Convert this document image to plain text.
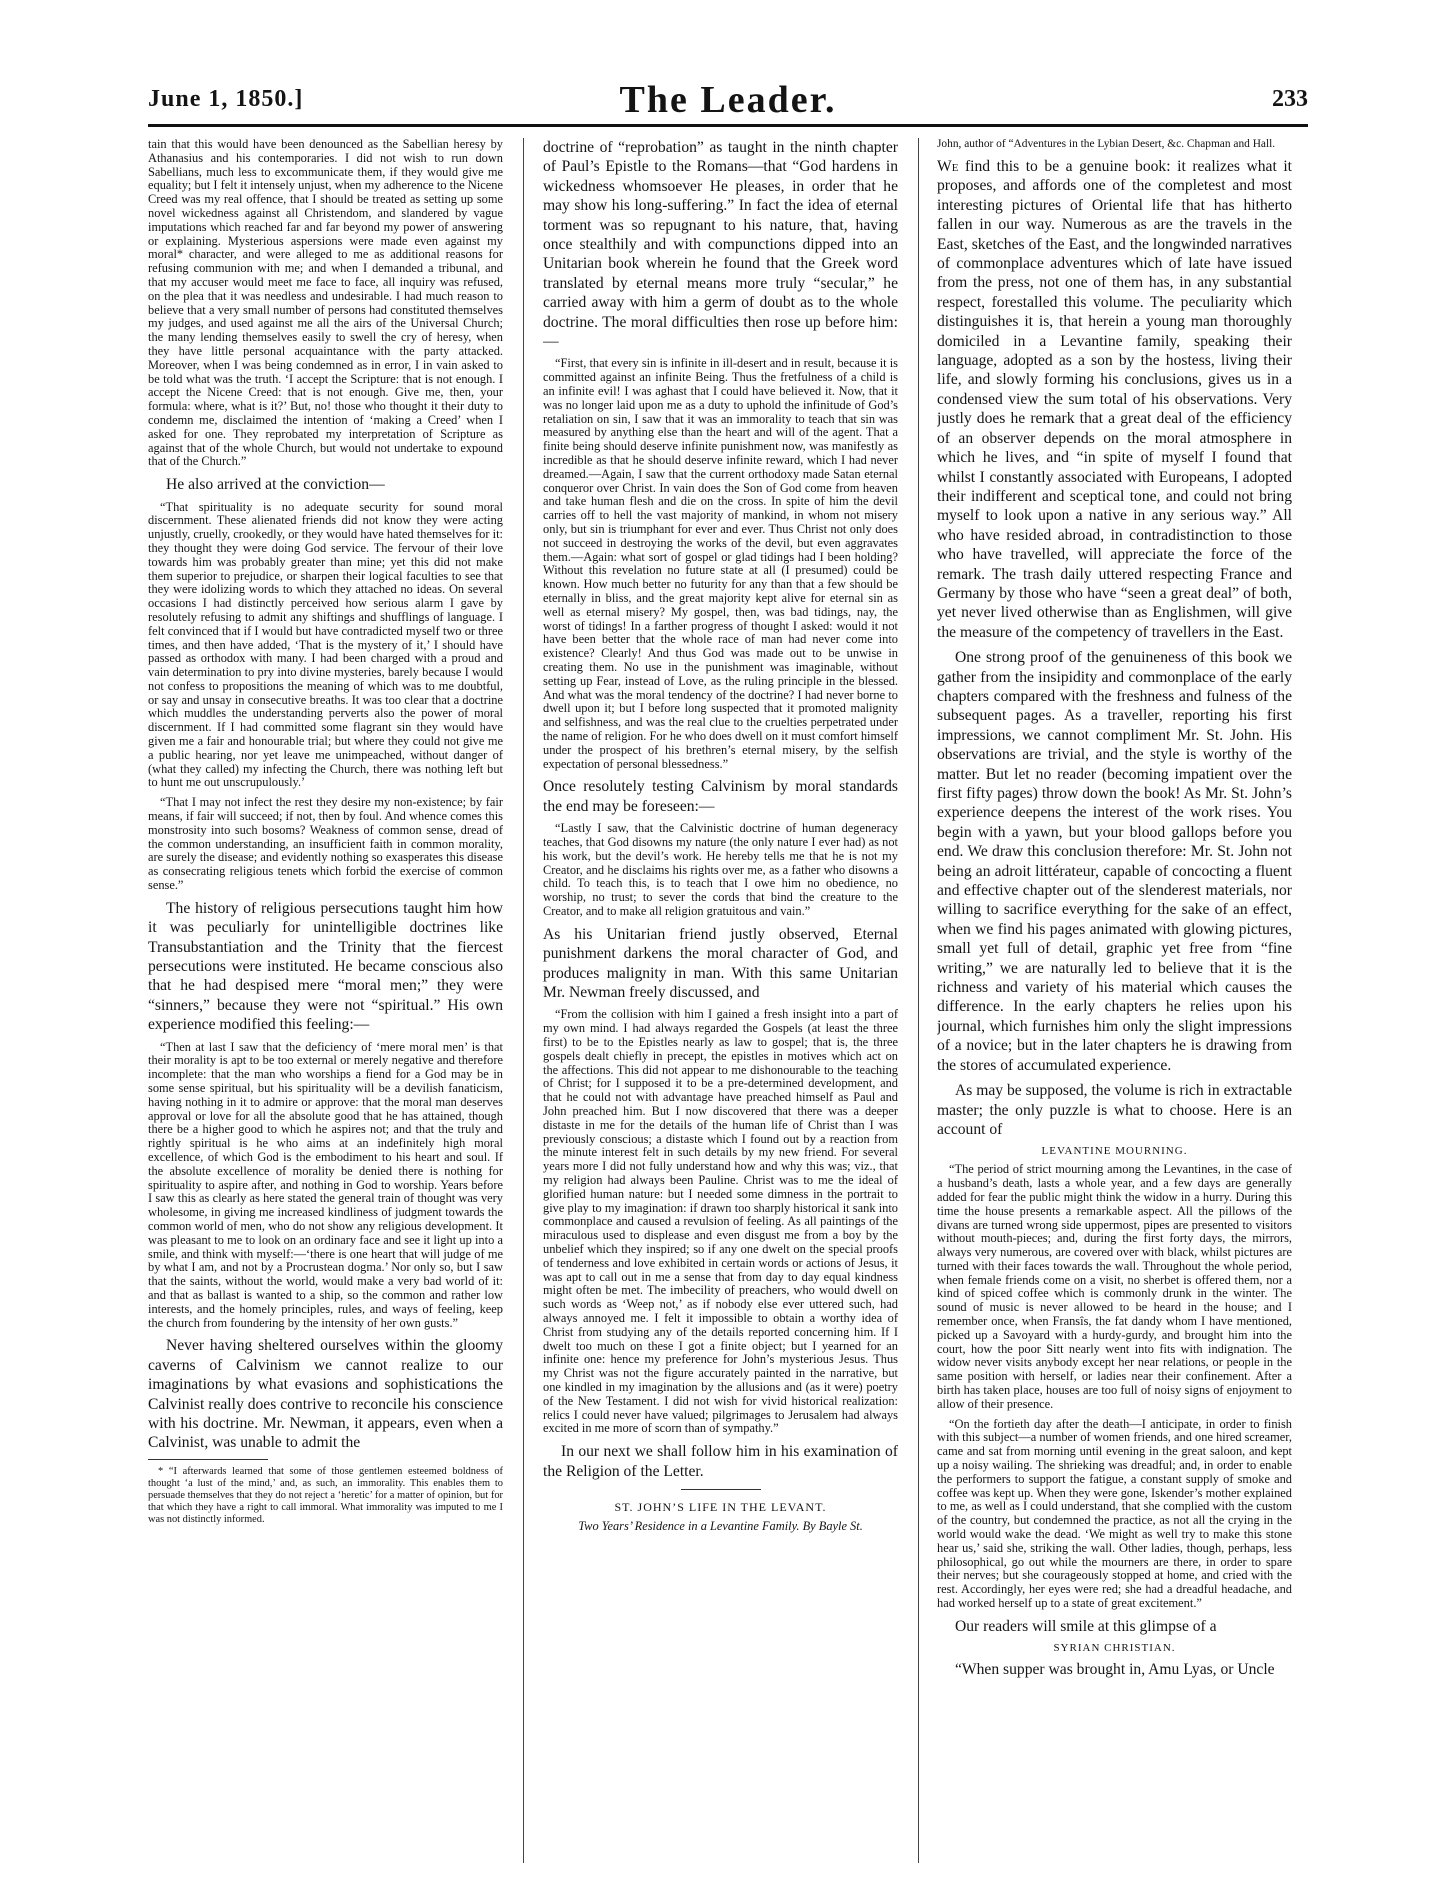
June 1, 1850.]	The Leader.	233

tain that this would have been denounced as the Sabellian heresy by Athanasius and his contemporaries. I did not wish to run down Sabellians, much less to excommunicate them, if they would give me equality; but I felt it intensely unjust, when my adherence to the Nicene Creed was my real offence, that I should be treated as setting up some novel wickedness against all Christendom, and slandered by vague imputations which reached far and far beyond my power of answering or explaining. Mysterious aspersions were made even against my moral* character, and were alleged to me as additional reasons for refusing communion with me; and when I demanded a tribunal, and that my accuser would meet me face to face, all inquiry was refused, on the plea that it was needless and undesirable. I had much reason to believe that a very small number of persons had constituted themselves my judges, and used against me all the airs of the Universal Church; the many lending themselves easily to swell the cry of heresy, when they have little personal acquaintance with the party attacked. Moreover, when I was being condemned as in error, I in vain asked to be told what was the truth. ‘I accept the Scripture: that is not enough. I accept the Nicene Creed: that is not enough. Give me, then, your formula: where, what is it?’ But, no! those who thought it their duty to condemn me, disclaimed the intention of ‘making a Creed’ when I asked for one. They reprobated my interpretation of Scripture as against that of the whole Church, but would not undertake to expound that of the Church.”

He also arrived at the conviction—

“That spirituality is no adequate security for sound moral discernment. These alienated friends did not know they were acting unjustly, cruelly, crookedly, or they would have hated themselves for it: they thought they were doing God service. The fervour of their love towards him was probably greater than mine; yet this did not make them superior to prejudice, or sharpen their logical faculties to see that they were idolizing words to which they attached no ideas. On several occasions I had distinctly perceived how serious alarm I gave by resolutely refusing to admit any shiftings and shufflings of language. I felt convinced that if I would but have contradicted myself two or three times, and then have added, ‘That is the mystery of it,’ I should have passed as orthodox with many. I had been charged with a proud and vain determination to pry into divine mysteries, barely because I would not confess to propositions the meaning of which was to me doubtful, or say and unsay in consecutive breaths. It was too clear that a doctrine which muddles the understanding perverts also the power of moral discernment. If I had committed some flagrant sin they would have given me a fair and honourable trial; but where they could not give me a public hearing, nor yet leave me unimpeached, without danger of (what they called) my infecting the Church, there was nothing left but to hunt me out unscrupulously.’

“That I may not infect the rest they desire my non-existence; by fair means, if fair will succeed; if not, then by foul. And whence comes this monstrosity into such bosoms? Weakness of common sense, dread of the common understanding, an insufficient faith in common morality, are surely the disease; and evidently nothing so exasperates this disease as consecrating religious tenets which forbid the exercise of common sense.”

The history of religious persecutions taught him how it was peculiarly for unintelligible doctrines like Transubstantiation and the Trinity that the fiercest persecutions were instituted. He became conscious also that he had despised mere “moral men;” they were “sinners,” because they were not “spiritual.” His own experience modified this feeling:—

“Then at last I saw that the deficiency of ‘mere moral men’ is that their morality is apt to be too external or merely negative and therefore incomplete: that the man who worships a fiend for a God may be in some sense spiritual, but his spirituality will be a devilish fanaticism, having nothing in it to admire or approve: that the moral man deserves approval or love for all the absolute good that he has attained, though there be a higher good to which he aspires not; and that the truly and rightly spiritual is he who aims at an indefinitely high moral excellence, of which God is the embodiment to his heart and soul. If the absolute excellence of morality be denied there is nothing for spirituality to aspire after, and nothing in God to worship. Years before I saw this as clearly as here stated the general train of thought was very wholesome, in giving me increased kindliness of judgment towards the common world of men, who do not show any religious development. It was pleasant to me to look on an ordinary face and see it light up into a smile, and think with myself:—‘there is one heart that will judge of me by what I am, and not by a Procrustean dogma.’ Nor only so, but I saw that the saints, without the world, would make a very bad world of it: and that as ballast is wanted to a ship, so the common and rather low interests, and the homely principles, rules, and ways of feeling, keep the church from foundering by the intensity of her own gusts.”

Never having sheltered ourselves within the gloomy caverns of Calvinism we cannot realize to our imaginations by what evasions and sophistications the Calvinist really does contrive to reconcile his conscience with his doctrine. Mr. Newman, it appears, even when a Calvinist, was unable to admit the

* “I afterwards learned that some of those gentlemen esteemed boldness of thought ‘a lust of the mind,’ and, as such, an immorality. This enables them to persuade themselves that they do not reject a ‘heretic’ for a matter of opinion, but for that which they have a right to call immoral. What immorality was imputed to me I was not distinctly informed.

doctrine of “reprobation” as taught in the ninth chapter of Paul’s Epistle to the Romans—that “God hardens in wickedness whomsoever He pleases, in order that he may show his long-suffering.” In fact the idea of eternal torment was so repugnant to his nature, that, having once stealthily and with compunctions dipped into an Unitarian book wherein he found that the Greek word translated by eternal means more truly “secular,” he carried away with him a germ of doubt as to the whole doctrine. The moral difficulties then rose up before him:—

“First, that every sin is infinite in ill-desert and in result, because it is committed against an infinite Being. Thus the fretfulness of a child is an infinite evil! I was aghast that I could have believed it. Now, that it was no longer laid upon me as a duty to uphold the infinitude of God’s retaliation on sin, I saw that it was an immorality to teach that sin was measured by anything else than the heart and will of the agent. That a finite being should deserve infinite punishment now, was manifestly as incredible as that he should deserve infinite reward, which I had never dreamed.—Again, I saw that the current orthodoxy made Satan eternal conqueror over Christ. In vain does the Son of God come from heaven and take human flesh and die on the cross. In spite of him the devil carries off to hell the vast majority of mankind, in whom not misery only, but sin is triumphant for ever and ever. Thus Christ not only does not succeed in destroying the works of the devil, but even aggravates them.—Again: what sort of gospel or glad tidings had I been holding? Without this revelation no future state at all (I presumed) could be known. How much better no futurity for any than that a few should be eternally in bliss, and the great majority kept alive for eternal sin as well as eternal misery? My gospel, then, was bad tidings, nay, the worst of tidings! In a farther progress of thought I asked: would it not have been better that the whole race of man had never come into existence? Clearly! And thus God was made out to be unwise in creating them. No use in the punishment was imaginable, without setting up Fear, instead of Love, as the ruling principle in the blessed. And what was the moral tendency of the doctrine? I had never borne to dwell upon it; but I before long suspected that it promoted malignity and selfishness, and was the real clue to the cruelties perpetrated under the name of religion. For he who does dwell on it must comfort himself under the prospect of his brethren’s eternal misery, by the selfish expectation of personal blessedness.”

Once resolutely testing Calvinism by moral standards the end may be foreseen:—

“Lastly I saw, that the Calvinistic doctrine of human degeneracy teaches, that God disowns my nature (the only nature I ever had) as not his work, but the devil’s work. He hereby tells me that he is not my Creator, and he disclaims his rights over me, as a father who disowns a child. To teach this, is to teach that I owe him no obedience, no worship, no trust; to sever the cords that bind the creature to the Creator, and to make all religion gratuitous and vain.”

As his Unitarian friend justly observed, Eternal punishment darkens the moral character of God, and produces malignity in man. With this same Unitarian Mr. Newman freely discussed, and

“From the collision with him I gained a fresh insight into a part of my own mind. I had always regarded the Gospels (at least the three first) to be to the Epistles nearly as law to gospel; that is, the three gospels dealt chiefly in precept, the epistles in motives which act on the affections. This did not appear to me dishonourable to the teaching of Christ; for I supposed it to be a pre-determined development, and that he could not with advantage have preached himself as Paul and John preached him. But I now discovered that there was a deeper distaste in me for the details of the human life of Christ than I was previously conscious; a distaste which I found out by a reaction from the minute interest felt in such details by my new friend. For several years more I did not fully understand how and why this was; viz., that my religion had always been Pauline. Christ was to me the ideal of glorified human nature: but I needed some dimness in the portrait to give play to my imagination: if drawn too sharply historical it sank into commonplace and caused a revulsion of feeling. As all paintings of the miraculous used to displease and even disgust me from a boy by the unbelief which they inspired; so if any one dwelt on the special proofs of tenderness and love exhibited in certain words or actions of Jesus, it was apt to call out in me a sense that from day to day equal kindness might often be met. The imbecility of preachers, who would dwell on such words as ‘Weep not,’ as if nobody else ever uttered such, had always annoyed me. I felt it impossible to obtain a worthy idea of Christ from studying any of the details reported concerning him. If I dwelt too much on these I got a finite object; but I yearned for an infinite one: hence my preference for John’s mysterious Jesus. Thus my Christ was not the figure accurately painted in the narrative, but one kindled in my imagination by the allusions and (as it were) poetry of the New Testament. I did not wish for vivid historical realization: relics I could never have valued; pilgrimages to Jerusalem had always excited in me more of scorn than of sympathy.”

In our next we shall follow him in his examination of the Religion of the Letter.

ST. JOHN’S LIFE IN THE LEVANT.
Two Years’ Residence in a Levantine Family. By Bayle St.

John, author of “Adventures in the Lybian Desert, &c. Chapman and Hall.

We find this to be a genuine book: it realizes what it proposes, and affords one of the completest and most interesting pictures of Oriental life that has hitherto fallen in our way. Numerous as are the travels in the East, sketches of the East, and the longwinded narratives of commonplace adventures which of late have issued from the press, not one of them has, in any substantial respect, forestalled this volume. The peculiarity which distinguishes it is, that herein a young man thoroughly domiciled in a Levantine family, speaking their language, adopted as a son by the hostess, living their life, and slowly forming his conclusions, gives us in a condensed view the sum total of his observations. Very justly does he remark that a great deal of the efficiency of an observer depends on the moral atmosphere in which he lives, and “in spite of myself I found that whilst I constantly associated with Europeans, I adopted their indifferent and sceptical tone, and could not bring myself to look upon a native in any serious way.” All who have resided abroad, in contradistinction to those who have travelled, will appreciate the force of the remark. The trash daily uttered respecting France and Germany by those who have “seen a great deal” of both, yet never lived otherwise than as Englishmen, will give the measure of the competency of travellers in the East.

One strong proof of the genuineness of this book we gather from the insipidity and commonplace of the early chapters compared with the freshness and fulness of the subsequent pages. As a traveller, reporting his first impressions, we cannot compliment Mr. St. John. His observations are trivial, and the style is worthy of the matter. But let no reader (becoming impatient over the first fifty pages) throw down the book! As Mr. St. John’s experience deepens the interest of the work rises. You begin with a yawn, but your blood gallops before you end. We draw this conclusion therefore: Mr. St. John not being an adroit littérateur, capable of concocting a fluent and effective chapter out of the slenderest materials, nor willing to sacrifice everything for the sake of an effect, when we find his pages animated with glowing pictures, small yet full of detail, graphic yet free from “fine writing,” we are naturally led to believe that it is the richness and variety of his material which causes the difference. In the early chapters he relies upon his journal, which furnishes him only the slight impressions of a novice; but in the later chapters he is drawing from the stores of accumulated experience.

As may be supposed, the volume is rich in extractable master; the only puzzle is what to choose. Here is an account of

LEVANTINE MOURNING.

“The period of strict mourning among the Levantines, in the case of a husband’s death, lasts a whole year, and a few days are generally added for fear the public might think the widow in a hurry. During this time the house presents a remarkable aspect. All the pillows of the divans are turned wrong side uppermost, pipes are presented to visitors without mouth-pieces; and, during the first forty days, the mirrors, always very numerous, are covered over with black, whilst pictures are turned with their faces towards the wall. Throughout the whole period, when female friends come on a visit, no sherbet is offered them, nor a kind of spiced coffee which is commonly drunk in the winter. The sound of music is never allowed to be heard in the house; and I remember once, when Fransîs, the fat dandy whom I have mentioned, picked up a Savoyard with a hurdy-gurdy, and brought him into the court, how the poor Sitt nearly went into fits with indignation. The widow never visits anybody except her near relations, or people in the same position with herself, or ladies near their confinement. After a birth has taken place, houses are too full of noisy signs of enjoyment to allow of their presence.

“On the fortieth day after the death—I anticipate, in order to finish with this subject—a number of women friends, and one hired screamer, came and sat from morning until evening in the great saloon, and kept up a noisy wailing. The shrieking was dreadful; and, in order to enable the performers to support the fatigue, a constant supply of smoke and coffee was kept up. When they were gone, Iskender’s mother explained to me, as well as I could understand, that she complied with the custom of the country, but condemned the practice, as not all the crying in the world would wake the dead. ‘We might as well try to make this stone hear us,’ said she, striking the wall. Other ladies, though, perhaps, less philosophical, go out while the mourners are there, in order to spare their nerves; but she courageously stopped at home, and cried with the rest. Accordingly, her eyes were red; she had a dreadful headache, and had worked herself up to a state of great excitement.”

Our readers will smile at this glimpse of a

SYRIAN CHRISTIAN.

“When supper was brought in, Amu Lyas, or Uncle
